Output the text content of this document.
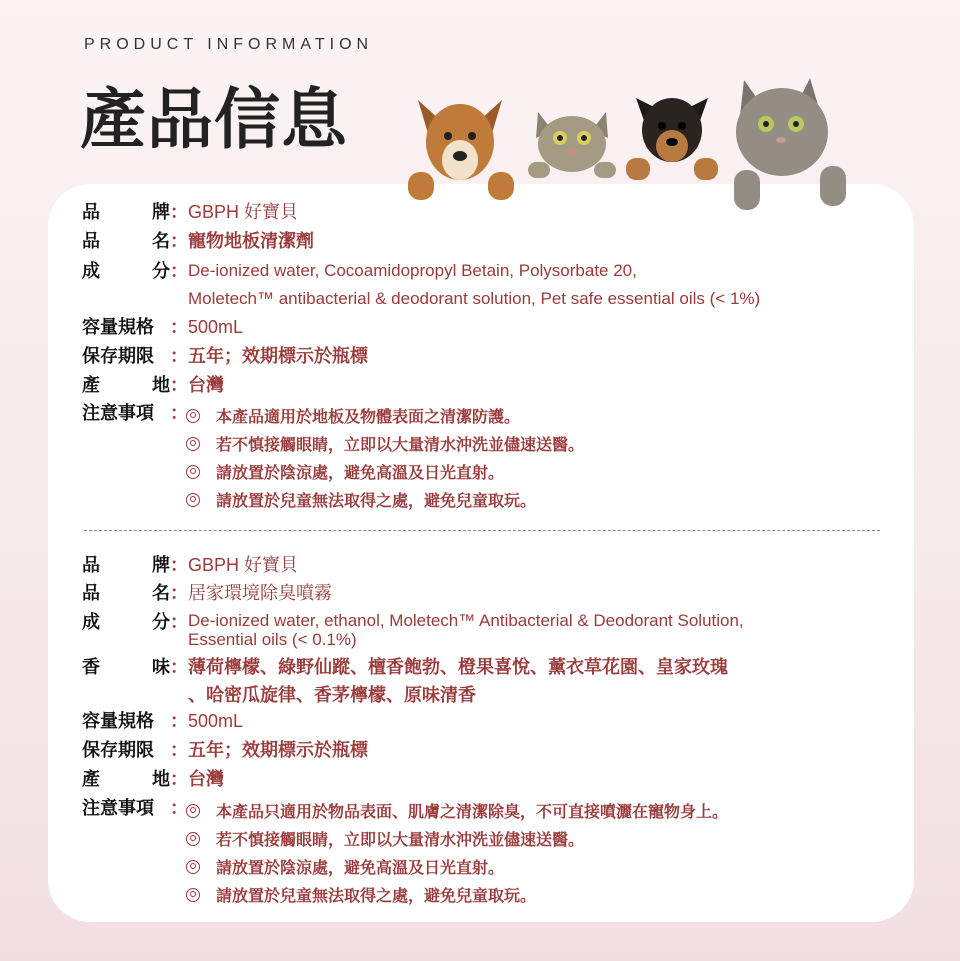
PRODUCT INFORMATION
產品信息
品	牌 ： GBPH 好寶貝
品	名 ： 寵物地板清潔劑
成	分 ： De-ionized water, Cocoamidopropyl Betain, Polysorbate 20,
Moletech™ antibacterial & deodorant solution, Pet safe essential oils (< 1%)
容量規格 ： 500mL
保存期限 ： 五年；效期標示於瓶標
產	地 ： 台灣
注意事項 ： 本產品適用於地板及物體表面之清潔防護。
若不慎接觸眼睛，立即以大量清水沖洗並儘速送醫。
請放置於陰涼處，避免高溫及日光直射。
請放置於兒童無法取得之處，避免兒童取玩。
品	牌 ： GBPH 好寶貝
品	名 ： 居家環境除臭噴霧
成	分 ： De-ionized water, ethanol, Moletech™ Antibacterial & Deodorant Solution,
Essential oils (< 0.1%)
香	味 ： 薄荷檸檬、綠野仙蹤、檀香飽勃、橙果喜悅、薰衣草花園、皇家玫瑰
、哈密瓜旋律、香茅檸檬、原味清香
容量規格 ： 500mL
保存期限 ： 五年；效期標示於瓶標
產	地 ： 台灣
注意事項 ： 本產品只適用於物品表面、肌膚之清潔除臭，不可直接噴灑在寵物身上。
若不慎接觸眼睛，立即以大量清水沖洗並儘速送醫。
請放置於陰涼處，避免高溫及日光直射。
請放置於兒童無法取得之處，避免兒童取玩。
